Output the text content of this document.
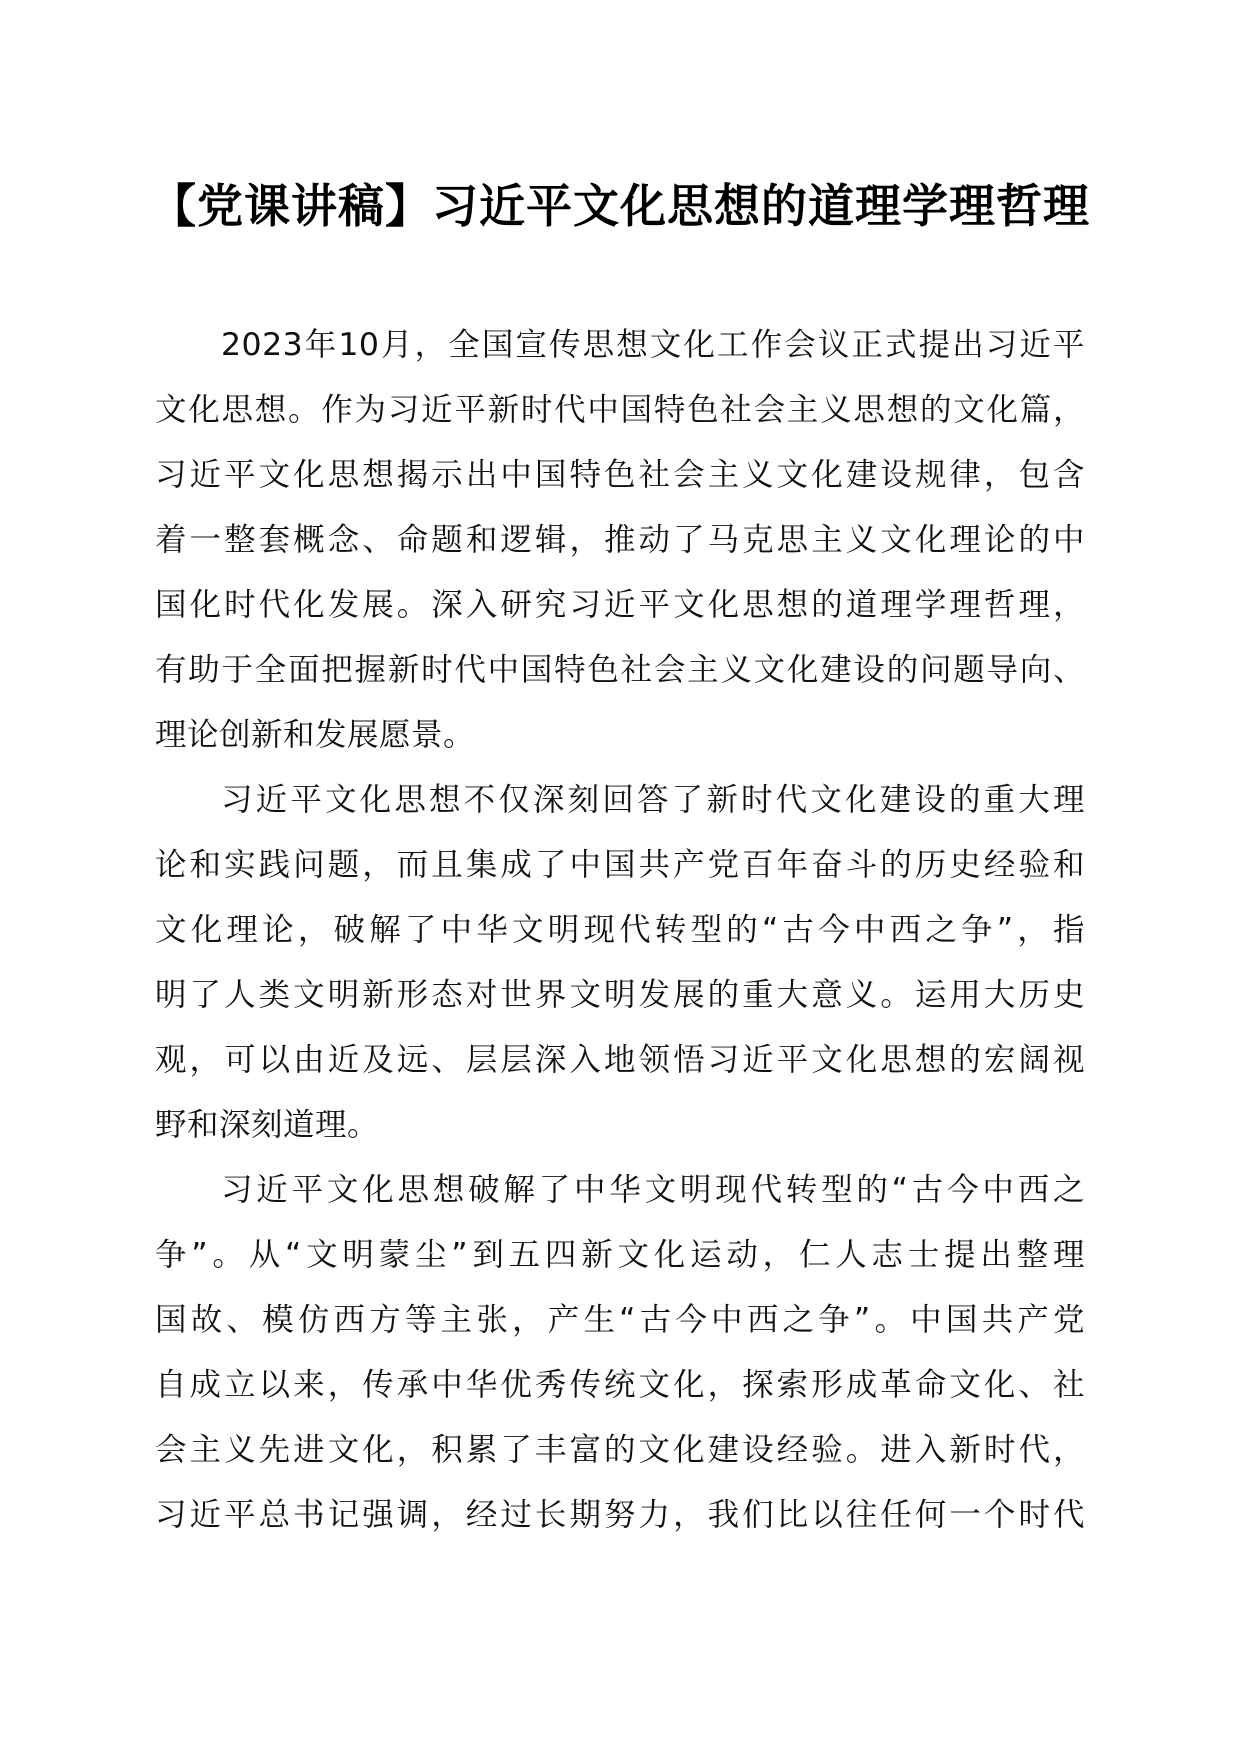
【党课讲稿】习近平文化思想的道理学理哲理
2023年10月，全国宣传思想文化工作会议正式提出习近平
文化思想。作为习近平新时代中国特色社会主义思想的文化篇，
习近平文化思想揭示出中国特色社会主义文化建设规律，包含
着一整套概念、命题和逻辑，推动了马克思主义文化理论的中
国化时代化发展。深入研究习近平文化思想的道理学理哲理，
有助于全面把握新时代中国特色社会主义文化建设的问题导向、
理论创新和发展愿景。
习近平文化思想不仅深刻回答了新时代文化建设的重大理
论和实践问题，而且集成了中国共产党百年奋斗的历史经验和
文化理论，破解了中华文明现代转型的“古今中西之争”，指
明了人类文明新形态对世界文明发展的重大意义。运用大历史
观，可以由近及远、层层深入地领悟习近平文化思想的宏阔视
野和深刻道理。
习近平文化思想破解了中华文明现代转型的“古今中西之
争”。从“文明蒙尘”到五四新文化运动，仁人志士提出整理
国故、模仿西方等主张，产生“古今中西之争”。中国共产党
自成立以来，传承中华优秀传统文化，探索形成革命文化、社
会主义先进文化，积累了丰富的文化建设经验。进入新时代，
习近平总书记强调，经过长期努力，我们比以往任何一个时代
